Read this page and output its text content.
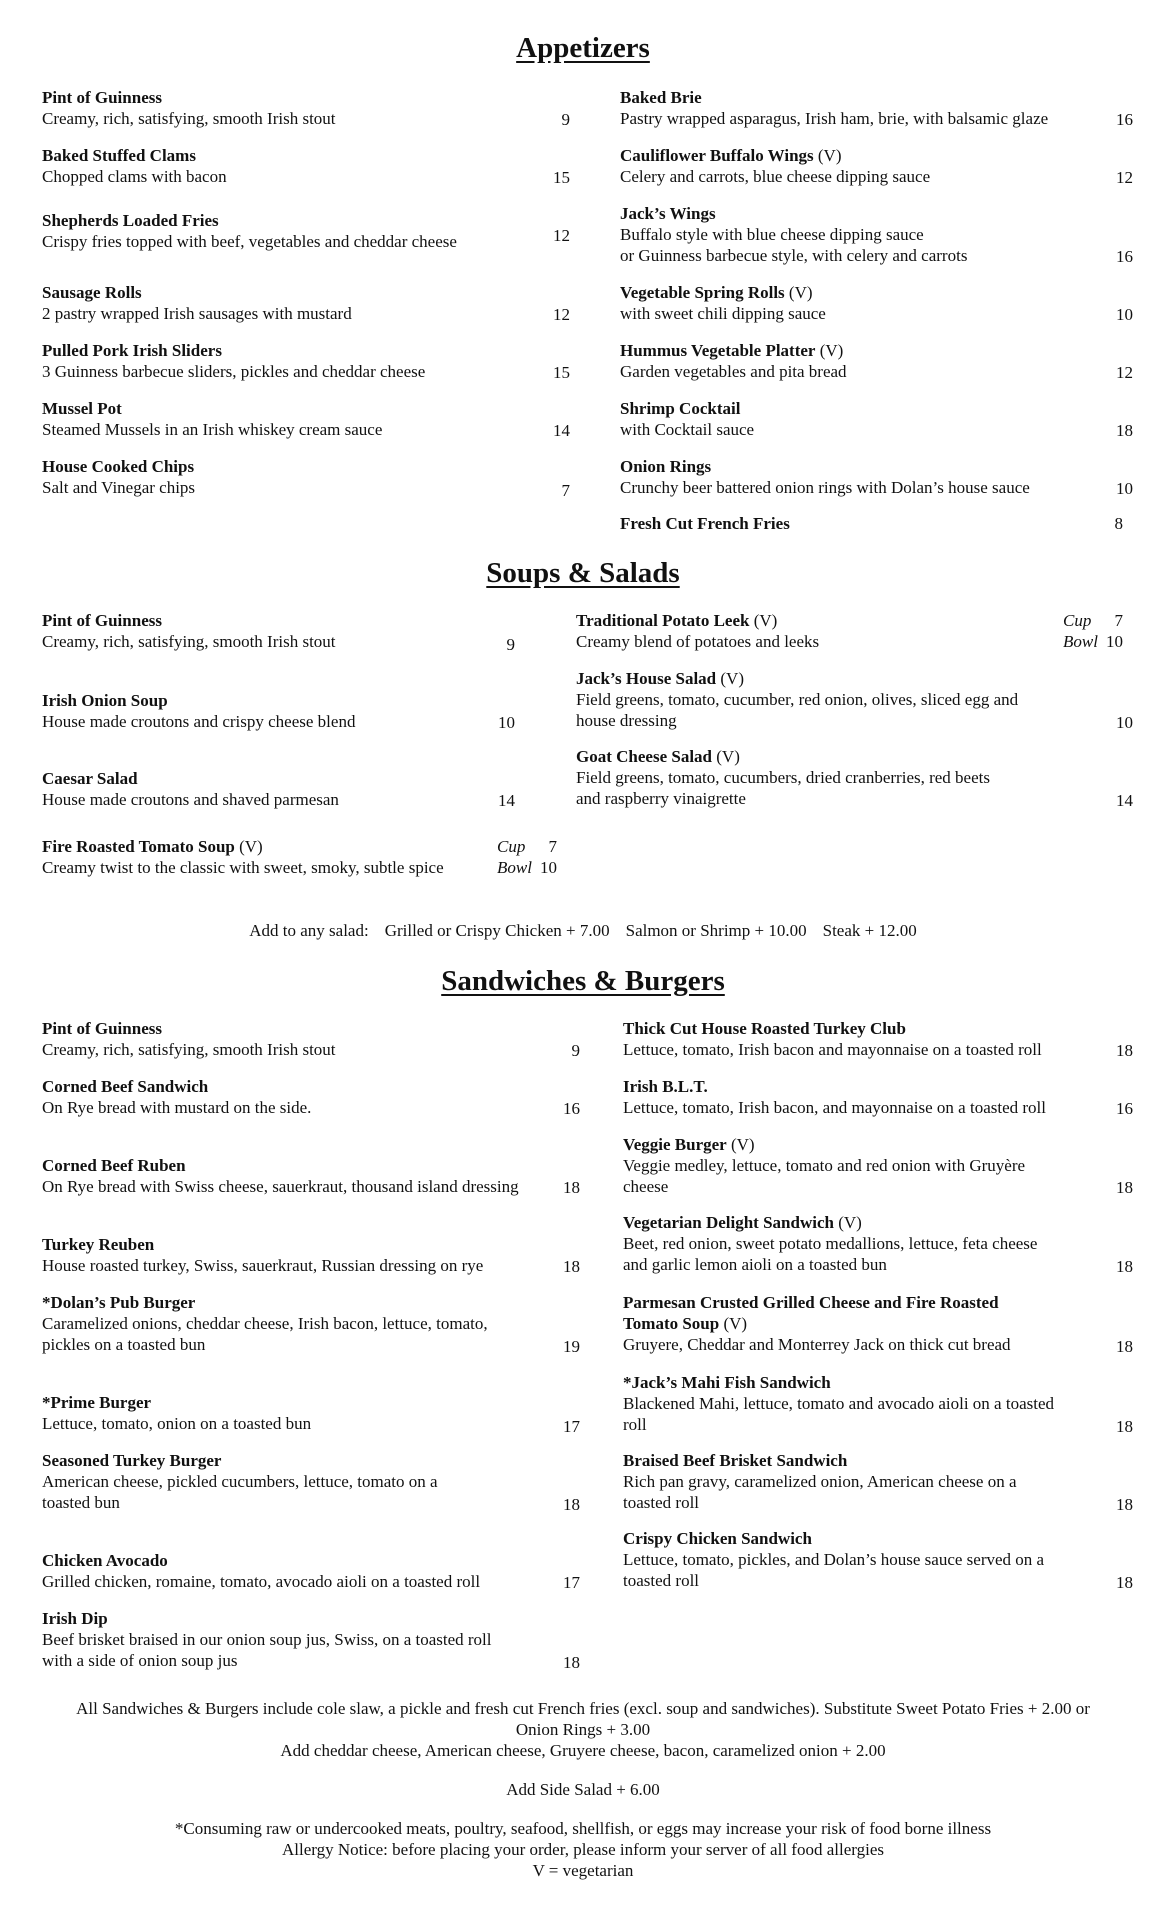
Appetizers
Pint of Guinness
Creamy, rich, satisfying, smooth Irish stout	9
Baked Stuffed Clams
Chopped clams with bacon	15
Shepherds Loaded Fries
Crispy fries topped with beef, vegetables and cheddar cheese	12
Sausage Rolls
2 pastry wrapped Irish sausages with mustard	12
Pulled Pork Irish Sliders
3 Guinness barbecue sliders, pickles and cheddar cheese	15
Mussel Pot
Steamed Mussels in an Irish whiskey cream sauce	14
House Cooked Chips
Salt and Vinegar chips	7
Baked Brie
Pastry wrapped asparagus, Irish ham, brie, with balsamic glaze	16
Cauliflower Buffalo Wings (V)
Celery and carrots, blue cheese dipping sauce	12
Jack’s Wings
Buffalo style with blue cheese dipping sauce
or Guinness barbecue style, with celery and carrots	16
Vegetable Spring Rolls (V)
with sweet chili dipping sauce	10
Hummus Vegetable Platter (V)
Garden vegetables and pita bread	12
Shrimp Cocktail
with Cocktail sauce	18
Onion Rings
Crunchy beer battered onion rings with Dolan’s house sauce	10
Fresh Cut French Fries	8
Soups & Salads
Pint of Guinness
Creamy, rich, satisfying, smooth Irish stout	9
Irish Onion Soup
House made croutons and crispy cheese blend	10
Caesar Salad
House made croutons and shaved parmesan	14
Fire Roasted Tomato Soup (V)
Creamy twist to the classic with sweet, smoky, subtle spice
Cup 7
Bowl 10
Traditional Potato Leek (V)
Creamy blend of potatoes and leeks
Cup 7
Bowl 10
Jack’s House Salad (V)
Field greens, tomato, cucumber, red onion, olives, sliced egg and
house dressing	10
Goat Cheese Salad (V)
Field greens, tomato, cucumbers, dried cranberries, red beets
and raspberry vinaigrette	14
Add to any salad: Grilled or Crispy Chicken + 7.00 Salmon or Shrimp + 10.00 Steak + 12.00
Sandwiches & Burgers
Pint of Guinness
Creamy, rich, satisfying, smooth Irish stout	9
Corned Beef Sandwich
On Rye bread with mustard on the side.	16
Corned Beef Ruben
On Rye bread with Swiss cheese, sauerkraut, thousand island dressing	18
Turkey Reuben
House roasted turkey, Swiss, sauerkraut, Russian dressing on rye	18
*Dolan’s Pub Burger
Caramelized onions, cheddar cheese, Irish bacon, lettuce, tomato,
pickles on a toasted bun	19
*Prime Burger
Lettuce, tomato, onion on a toasted bun	17
Seasoned Turkey Burger
American cheese, pickled cucumbers, lettuce, tomato on a
toasted bun	18
Chicken Avocado
Grilled chicken, romaine, tomato, avocado aioli on a toasted roll	17
Irish Dip
Beef brisket braised in our onion soup jus, Swiss, on a toasted roll
with a side of onion soup jus	18
Thick Cut House Roasted Turkey Club
Lettuce, tomato, Irish bacon and mayonnaise on a toasted roll	18
Irish B.L.T.
Lettuce, tomato, Irish bacon, and mayonnaise on a toasted roll	16
Veggie Burger (V)
Veggie medley, lettuce, tomato and red onion with Gruyère
cheese	18
Vegetarian Delight Sandwich (V)
Beet, red onion, sweet potato medallions, lettuce, feta cheese
and garlic lemon aioli on a toasted bun	18
Parmesan Crusted Grilled Cheese and Fire Roasted
Tomato Soup (V)
Gruyere, Cheddar and Monterrey Jack on thick cut bread	18
*Jack’s Mahi Fish Sandwich
Blackened Mahi, lettuce, tomato and avocado aioli on a toasted
roll	18
Braised Beef Brisket Sandwich
Rich pan gravy, caramelized onion, American cheese on a
toasted roll	18
Crispy Chicken Sandwich
Lettuce, tomato, pickles, and Dolan’s house sauce served on a
toasted roll	18
All Sandwiches & Burgers include cole slaw, a pickle and fresh cut French fries (excl. soup and sandwiches). Substitute Sweet Potato Fries + 2.00 or
Onion Rings + 3.00
Add cheddar cheese, American cheese, Gruyere cheese, bacon, caramelized onion + 2.00
Add Side Salad + 6.00
*Consuming raw or undercooked meats, poultry, seafood, shellfish, or eggs may increase your risk of food borne illness
Allergy Notice: before placing your order, please inform your server of all food allergies
V = vegetarian
